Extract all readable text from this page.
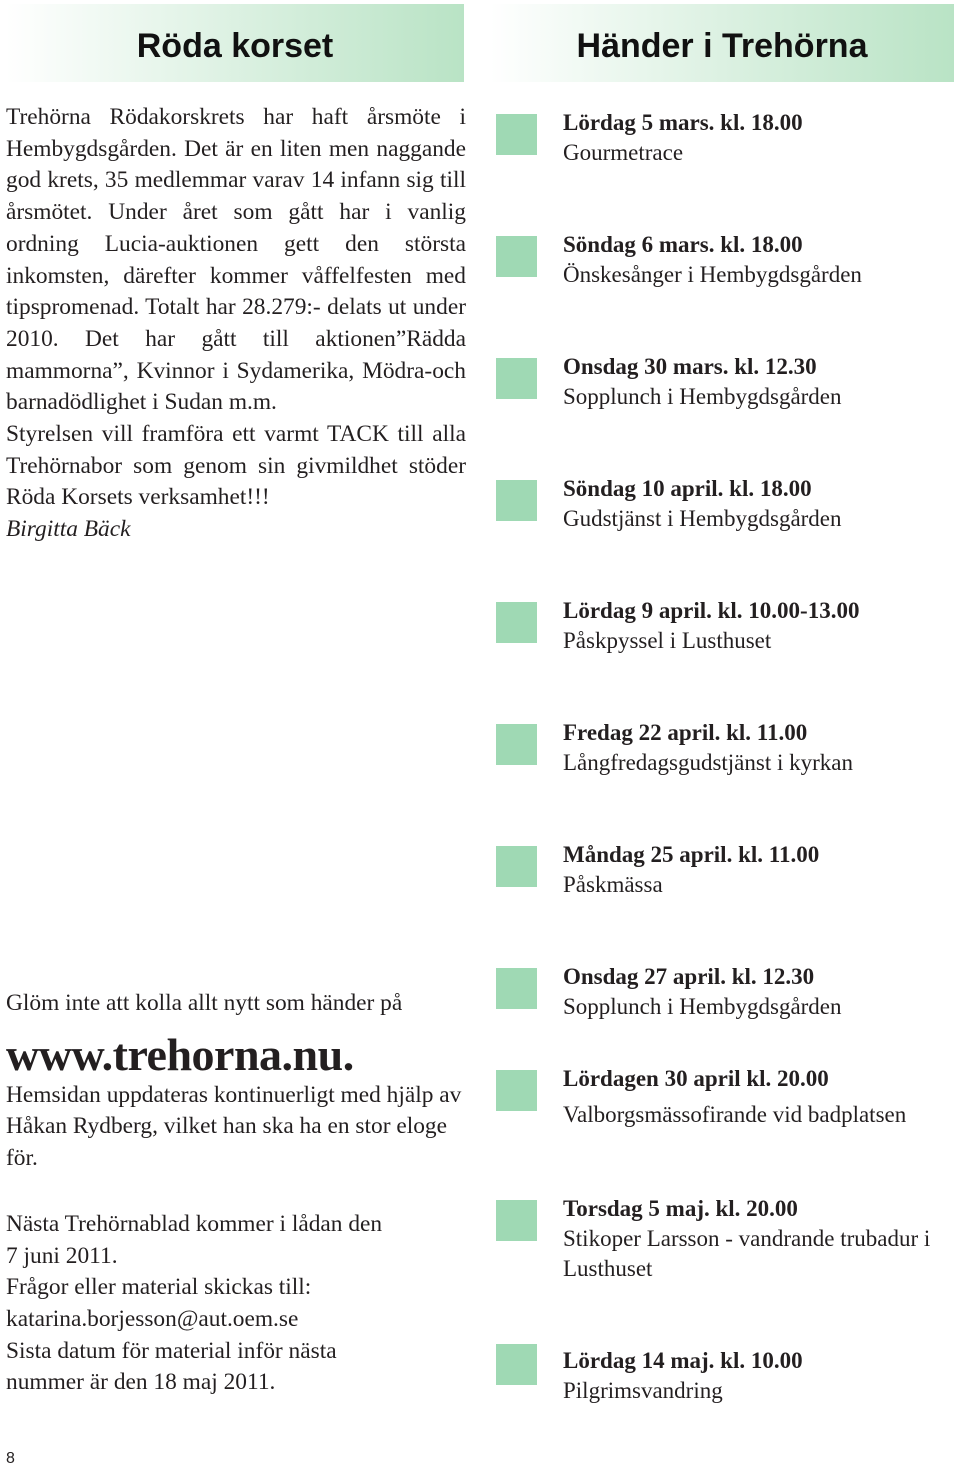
Röda korset	Händer i Trehörna

Trehörna Rödakorskrets har haft årsmöte i Hembygdsgården. Det är en liten men naggande god krets, 35 medlemmar varav 14 infann sig till årsmötet. Under året som gått har i vanlig ordning Lucia-auktionen gett den största inkomsten, därefter kommer våffelfesten med tipspromenad. Totalt har 28.279:- delats ut under 2010. Det har gått till aktionen”Rädda mammorna”, Kvinnor i Sydamerika, Mödra-och barnadödlighet i Sudan m.m.

Styrelsen vill framföra ett varmt TACK till alla Trehörnabor som genom sin givmildhet stöder Röda Korsets verksamhet!!!

Birgitta Bäck

Glöm inte att kolla allt nytt som händer på

www.trehorna.nu.

Hemsidan uppdateras kontinuerligt med hjälp av Håkan Rydberg, vilket han ska ha en stor eloge för.

Nästa Trehörnablad kommer i lådan den
7 juni 2011.
Frågor eller material skickas till:
katarina.borjesson@aut.oem.se
Sista datum för material inför nästa
nummer är den 18 maj 2011.

Lördag 5 mars. kl. 18.00

Gourmetrace

Söndag 6 mars. kl. 18.00

Önskesånger i Hembygdsgården

Onsdag 30 mars. kl. 12.30

Sopplunch i Hembygdsgården

Söndag 10 april. kl. 18.00

Gudstjänst i Hembygdsgården

Lördag 9 april. kl. 10.00-13.00

Påskpyssel i Lusthuset

Fredag 22 april. kl. 11.00

Långfredagsgudstjänst i kyrkan

Måndag 25 april. kl. 11.00

Påskmässa

Onsdag 27 april. kl. 12.30

Sopplunch i Hembygdsgården

Lördagen 30 april kl. 20.00

Valborgsmässofirande vid badplatsen

Torsdag 5 maj. kl. 20.00

Stikoper Larsson - vandrande trubadur i Lusthuset

Lördag 14 maj. kl. 10.00

Pilgrimsvandring

8
